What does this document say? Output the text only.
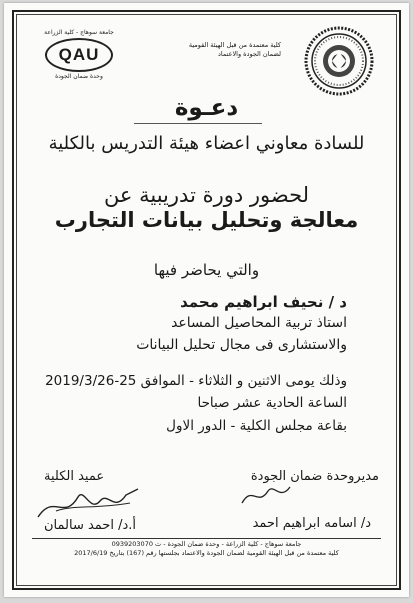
جامعة سوهاج - كلية الزراعة
QAU
وحدة ضمان الجودة
كلية معتمدة من قبل الهيئة القومية
لضمان الجودة والاعتماد
دعـوة
للسادة معاوني اعضاء هيئة التدريس بالكلية
لحضور دورة تدريبية عن
معالجة وتحليل بيانات التجارب
والتي يحاضر فيها
د / نحيف ابراهيم محمد
استاذ تربية المحاصيل المساعد
والاستشارى فى مجال تحليل البيانات
وذلك يومى الاثنين و الثلاثاء - الموافق 25-2019/3/26
الساعة الحادية عشر صباحا
بقاعة مجلس الكلية - الدور الاول
عميد الكلية
أ.د/ احمد سالمان
مديروحدة ضمان الجودة
د/ اسامه ابراهيم احمد
جامعة سوهاج - كلية الزراعة - وحدة ضمان الجودة - ت 0939203070
كلية معتمدة من قبل الهيئة القومية لضمان الجودة والاعتماد بجلستها رقم (167) بتاريخ 2017/6/19
